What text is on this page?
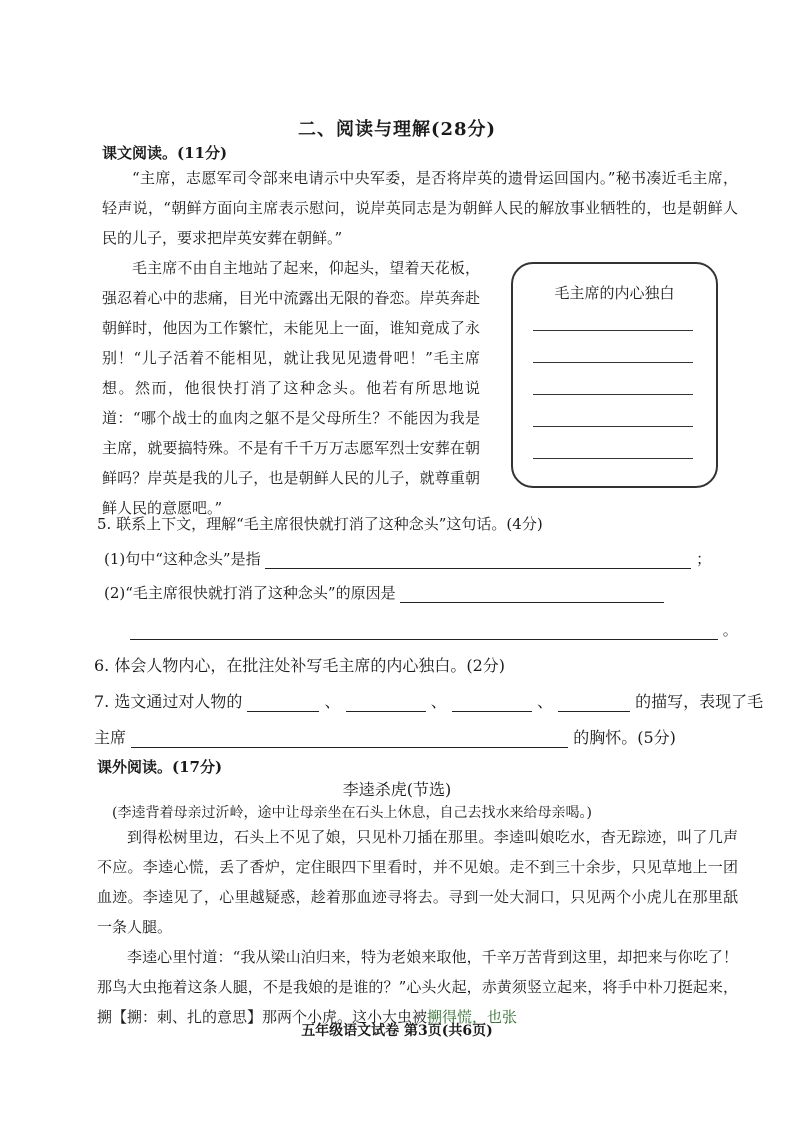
二、阅读与理解(28分)
课文阅读。(11分)
“主席，志愿军司令部来电请示中央军委，是否将岸英的遗骨运回国内。”秘书凑近毛主席，轻声说，“朝鲜方面向主席表示慰问，说岸英同志是为朝鲜人民的解放事业牺牲的，也是朝鲜人民的儿子，要求把岸英安葬在朝鲜。”
毛主席不由自主地站了起来，仰起头，望着天花板，强忍着心中的悲痛，目光中流露出无限的眷恋。岸英奔赴朝鲜时，他因为工作繁忙，未能见上一面，谁知竟成了永别！“儿子活着不能相见，就让我见见遗骨吧！”毛主席想。然而，他很快打消了这种念头。他若有所思地说道：“哪个战士的血肉之躯不是父母所生？不能因为我是主席，就要搞特殊。不是有千千万万志愿军烈士安葬在朝鲜吗？岸英是我的儿子，也是朝鲜人民的儿子，就尊重朝鲜人民的意愿吧。”
毛主席的内心独白
5. 联系上下文，理解“毛主席很快就打消了这种念头”这句话。(4分)
(1)句中“这种念头”是指	；
(2)“毛主席很快就打消了这种念头”的原因是
。
6. 体会人物内心，在批注处补写毛主席的内心独白。(2分)
7. 选文通过对人物的	、	、	、	的描写，表现了毛
主席	的胸怀。(5分)
课外阅读。(17分)
李逵杀虎(节选)
(李逵背着母亲过沂岭，途中让母亲坐在石头上休息，自己去找水来给母亲喝。)
到得松树里边，石头上不见了娘，只见朴刀插在那里。李逵叫娘吃水，杳无踪迹，叫了几声不应。李逵心慌，丢了香炉，定住眼四下里看时，并不见娘。走不到三十余步，只见草地上一团血迹。李逵见了，心里越疑惑，趁着那血迹寻将去。寻到一处大洞口，只见两个小虎儿在那里舐一条人腿。
李逵心里忖道：“我从梁山泊归来，特为老娘来取他，千辛万苦背到这里，却把来与你吃了！那鸟大虫拖着这条人腿，不是我娘的是谁的？”心头火起，赤黄须竖立起来，将手中朴刀挺起来，搠【搠：刺、扎的意思】那两个小虎。这小大虫被搠得慌，也张
五年级语文试卷 第3页(共6页)
